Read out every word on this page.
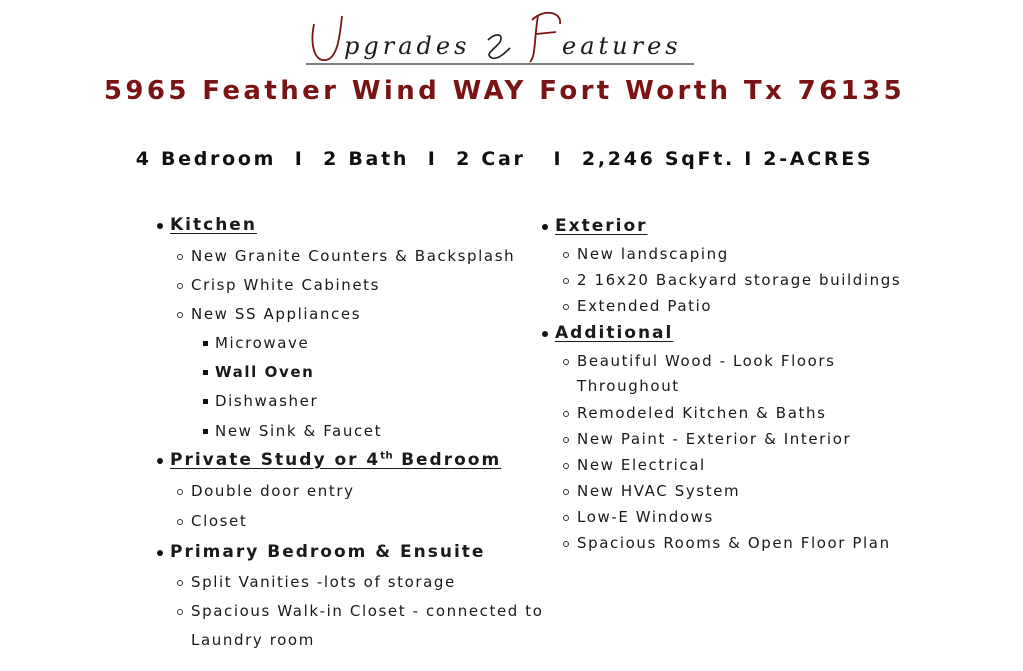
pgrades	eatures
5965 Feather Wind WAY Fort Worth Tx 76135
4 Bedroom  I  2 Bath  I  2 Car   I  2,246 SqFt. I 2-ACRES
Kitchen
New Granite Counters & Backsplash
Crisp White Cabinets
New SS Appliances
Microwave
Wall Oven
Dishwasher
New Sink & Faucet
Private Study or 4th Bedroom
Double door entry
Closet
Primary Bedroom & Ensuite
Split Vanities -lots of storage
Spacious Walk-in Closet - connected to
Laundry room
Exterior
New landscaping
2 16x20 Backyard storage buildings
Extended Patio
Additional
Beautiful Wood - Look Floors
Throughout
Remodeled Kitchen & Baths
New Paint - Exterior & Interior
New Electrical
New HVAC System
Low-E Windows
Spacious Rooms & Open Floor Plan
